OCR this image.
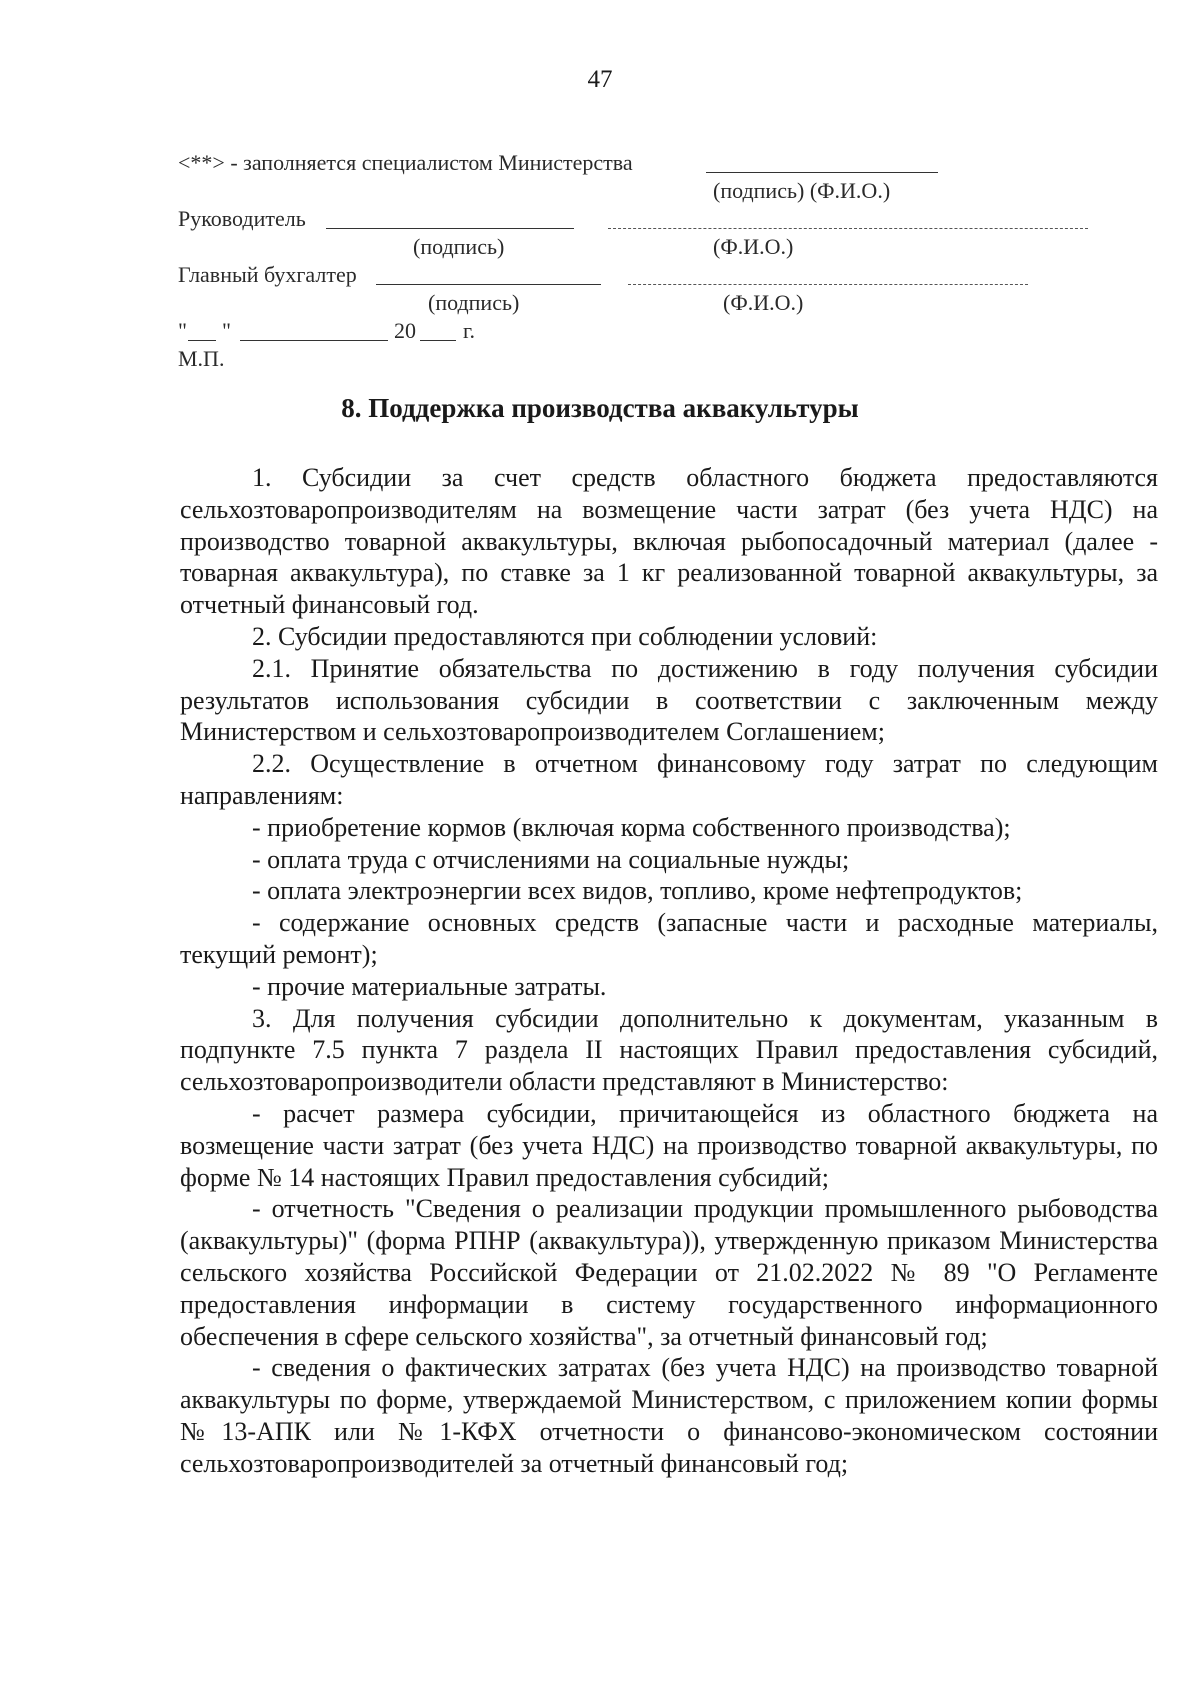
47
<**> - заполняется специалистом Министерства
(подпись) (Ф.И.О.)
Руководитель
(подпись)	(Ф.И.О.)
Главный бухгалтер
(подпись)	(Ф.И.О.)
" "	20 г.
М.П.
8. Поддержка производства аквакультуры

1. Субсидии за счет средств областного бюджета предоставляются сельхозтоваропроизводителям на возмещение части затрат (без учета НДС) на производство товарной аквакультуры, включая рыбопосадочный материал (далее - товарная аквакультура), по ставке за 1 кг реализованной товарной аквакультуры, за отчетный финансовый год.

2. Субсидии предоставляются при соблюдении условий:

2.1. Принятие обязательства по достижению в году получения субсидии результатов использования субсидии в соответствии с заключенным между Министерством и сельхозтоваропроизводителем Соглашением;

2.2. Осуществление в отчетном финансовому году затрат по следующим направлениям:

- приобретение кормов (включая корма собственного производства);

- оплата труда с отчислениями на социальные нужды;

- оплата электроэнергии всех видов, топливо, кроме нефтепродуктов;

- содержание основных средств (запасные части и расходные материалы, текущий ремонт);

- прочие материальные затраты.

3. Для получения субсидии дополнительно к документам, указанным в подпункте 7.5 пункта 7 раздела II настоящих Правил предоставления субсидий, сельхозтоваропроизводители области представляют в Министерство:

- расчет размера субсидии, причитающейся из областного бюджета на возмещение части затрат (без учета НДС) на производство товарной аквакультуры, по форме № 14 настоящих Правил предоставления субсидий;

- отчетность "Сведения о реализации продукции промышленного рыбоводства (аквакультуры)" (форма РПНР (аквакультура)), утвержденную приказом Министерства сельского хозяйства Российской Федерации от 21.02.2022 № 89 "О Регламенте предоставления информации в систему государственного информационного обеспечения в сфере сельского хозяйства", за отчетный финансовый год;

- сведения о фактических затратах (без учета НДС) на производство товарной аквакультуры по форме, утверждаемой Министерством, с приложением копии формы №13-АПК или №1-КФХ отчетности о финансово-экономическом состоянии сельхозтоваропроизводителей за отчетный финансовый год;
